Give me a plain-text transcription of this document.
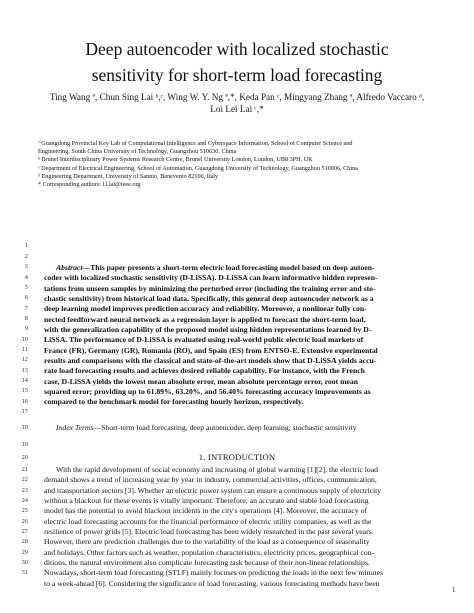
Deep autoencoder with localized stochastic
sensitivity for short-term load forecasting
Ting Wang ª, Chun Sing Lai ᵇ,ᶜ, Wing W. Y. Ng ª,*, Keda Pan ᶜ, Mingyang Zhang ª, Alfredo Vaccaro ᵈ,
Loi Lei Lai ᶜ,*
ª Guangdong Provincial Key Lab of Computational Intelligence and Cyberspace Information, School of Computer Science and
Engineering, South China University of Technology, Guangzhou 510630, China
ᵇ Brunel Interdisciplinary Power Systems Research Centre, Brunel University London, London, UB8 3PH, UK
ᶜ Department of Electrical Engineering, School of Automation, Guangdong University of Technology, Guangzhou 510006, China
ᵈ Engineering Department, University of Sannio, Benevento 82100, Italy
* Corresponding authors: l.l.lai@ieee.org
1
2
3
4
5
6
7
8
9
10
11
12
13
14
15
16
17
18
19
20
21
22
23
24
25
26
27
28
29
30
31
Abstract—This paper presents a short-term electric load forecasting model based on deep autoen-
coder with localized stochastic sensitivity (D-LiSSA). D-LiSSA can learn informative hidden represen-
tations from unseen samples by minimizing the perturbed error (including the training error and sto-
chastic sensitivity) from historical load data. Specifically, this general deep autoencoder network as a
deep learning model improves prediction accuracy and reliability. Moreover, a nonlinear fully con-
nected feedforward neural network as a regression layer is applied to forecast the short-term load,
with the generalization capability of the proposed model using hidden representations learned by D-
LiSSA. The performance of D-LiSSA is evaluated using real-world public electric load markets of
France (FR), Germany (GR), Romania (RO), and Spain (ES) from ENTSO-E. Extensive experimental
results and comparisons with the classical and state-of-the-art models show that D-LiSSA yields accu-
rate load forecasting results and achieves desired reliable capability. For instance, with the French
case, D-LiSSA yields the lowest mean absolute error, mean absolute percentage error, root mean
squared error; providing up to 61.89%, 63.20%, and 56.40% forecasting accuracy improvements as
compared to the benchmark model for forecasting hourly horizon, respectively.
Index Terms—Short-term load forecasting, deep autoencoder, deep learning, stochastic sensitivity
1. INTRODUCTION
With the rapid development of social economy and increasing of global warming [1][2], the electric load
demand shows a trend of increasing year by year in industry, commercial activities, offices, communication,
and transportation sectors [3]. Whether an electric power system can ensure a continuous supply of electricity
without a blackout for these events is vitally important. Therefore, an accurate and stable load forecasting
model has the potential to avoid blackout incidents in the city's operations [4]. Moreover, the accuracy of
electric load forecasting accounts for the financial performance of electric utility companies, as well as the
resilience of power grids [5]. Electric load forecasting has been widely researched in the past several years.
However, there are prediction challenges due to the variability of the load as a consequence of seasonality
and holidays. Other factors such as weather, population characteristics, electricity prices, geographical con-
ditions, the natural environment also complicate forecasting task because of their non-linear relationships.
Nowadays, short-term load forecasting (STLF) mainly focuses on predicting the loads in the next few minutes
to a week-ahead [6]. Considering the significance of load forecasting, various forecasting methods have been
1
